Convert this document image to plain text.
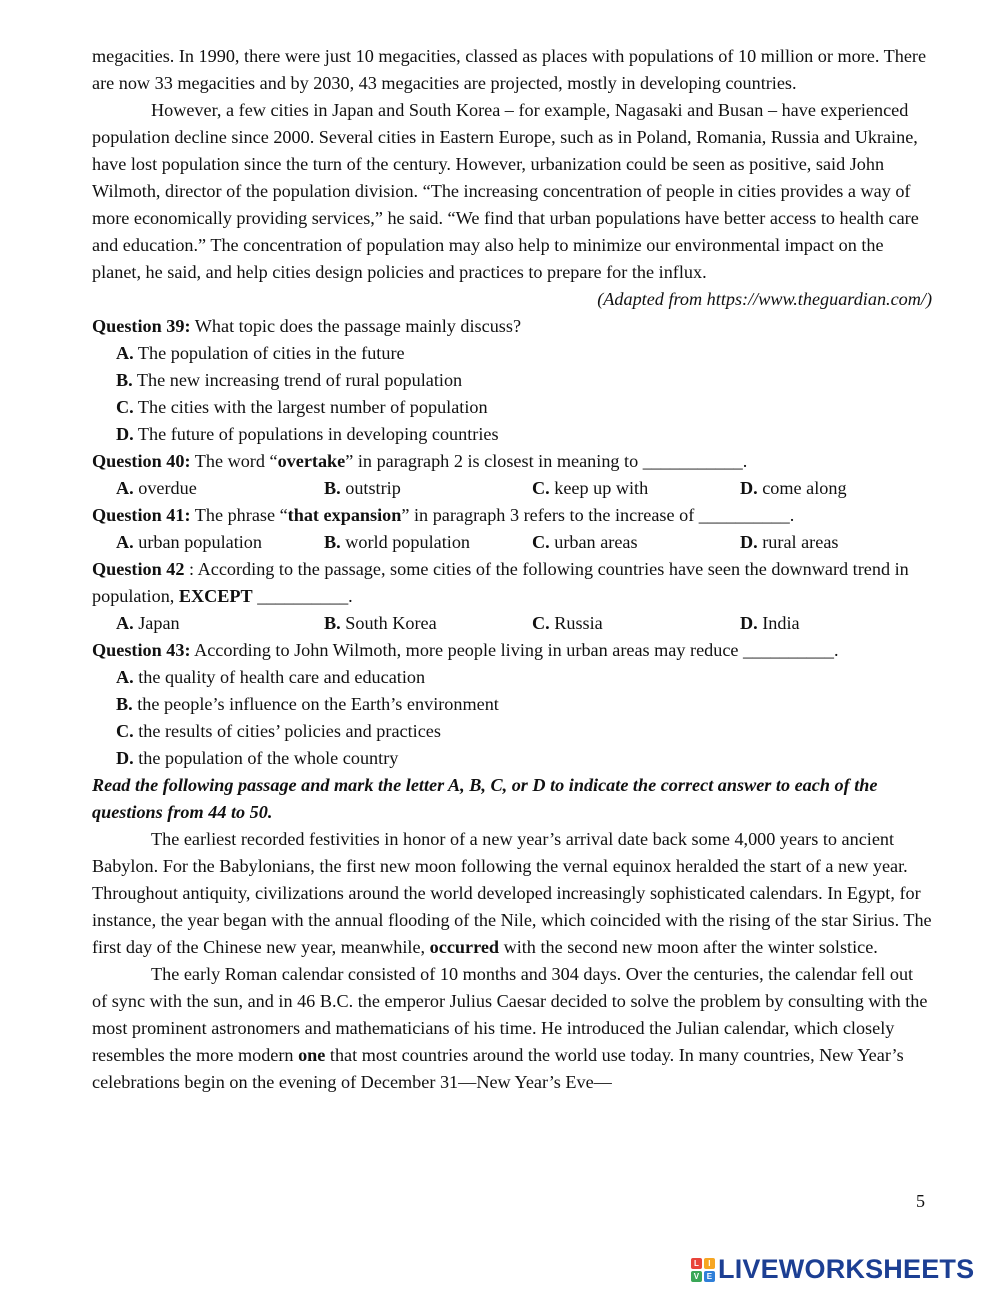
megacities. In 1990, there were just 10 megacities, classed as places with populations of 10 million or more. There are now 33 megacities and by 2030, 43 megacities are projected, mostly in developing countries.

However, a few cities in Japan and South Korea – for example, Nagasaki and Busan – have experienced population decline since 2000. Several cities in Eastern Europe, such as in Poland, Romania, Russia and Ukraine, have lost population since the turn of the century. However, urbanization could be seen as positive, said John Wilmoth, director of the population division. “The increasing concentration of people in cities provides a way of more economically providing services,” he said. “We find that urban populations have better access to health care and education.” The concentration of population may also help to minimize our environmental impact on the planet, he said, and help cities design policies and practices to prepare for the influx.

(Adapted from https://www.theguardian.com/)

Question 39: What topic does the passage mainly discuss?

A. The population of cities in the future

B. The new increasing trend of rural population

C. The cities with the largest number of population

D. The future of populations in developing countries

Question 40: The word “overtake” in paragraph 2 is closest in meaning to ___________.

A. overdue	B. outstrip	C. keep up with	D. come along

Question 41: The phrase “that expansion” in paragraph 3 refers to the increase of __________.

A. urban population	B. world population	C. urban areas	D. rural areas

Question 42 : According to the passage, some cities of the following countries have seen the downward trend in population, EXCEPT __________.

A. Japan	B. South Korea	C. Russia	D. India

Question 43: According to John Wilmoth, more people living in urban areas may reduce __________.

A. the quality of health care and education

B. the people’s influence on the Earth’s environment

C. the results of cities’ policies and practices

D. the population of the whole country

Read the following passage and mark the letter A, B, C, or D to indicate the correct answer to each of the questions from 44 to 50.

The earliest recorded festivities in honor of a new year’s arrival date back some 4,000 years to ancient Babylon. For the Babylonians, the first new moon following the vernal equinox heralded the start of a new year. Throughout antiquity, civilizations around the world developed increasingly sophisticated calendars. In Egypt, for instance, the year began with the annual flooding of the Nile, which coincided with the rising of the star Sirius. The first day of the Chinese new year, meanwhile, occurred with the second new moon after the winter solstice.

The early Roman calendar consisted of 10 months and 304 days. Over the centuries, the calendar fell out of sync with the sun, and in 46 B.C. the emperor Julius Caesar decided to solve the problem by consulting with the most prominent astronomers and mathematicians of his time. He introduced the Julian calendar, which closely resembles the more modern one that most countries around the world use today. In many countries, New Year’s celebrations begin on the evening of December 31—New Year’s Eve—

5
L	I
V E LIVEWORKSHEETS
